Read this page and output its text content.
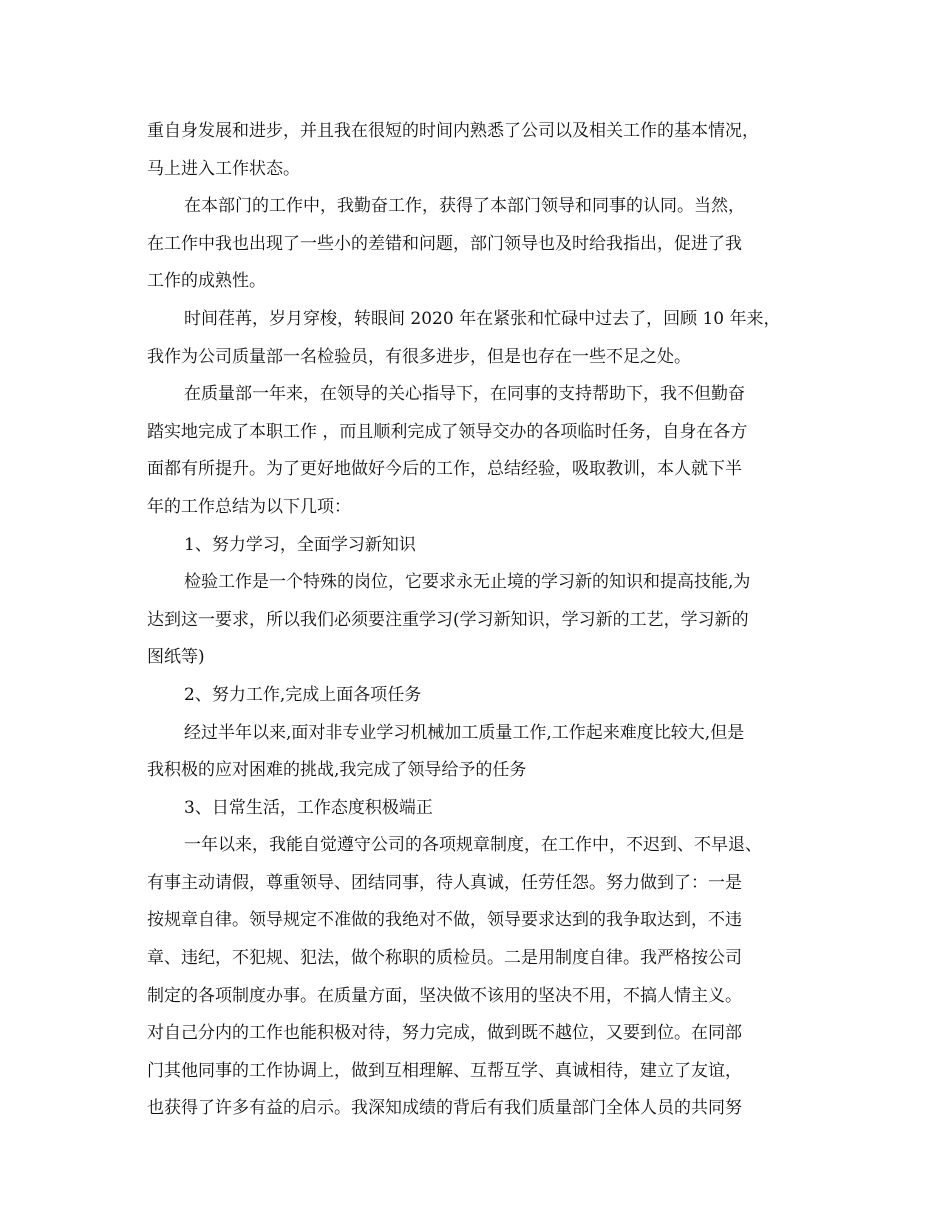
重自身发展和进步，并且我在很短的时间内熟悉了公司以及相关工作的基本情况，
马上进入工作状态。
在本部门的工作中，我勤奋工作，获得了本部门领导和同事的认同。当然，
在工作中我也出现了一些小的差错和问题，部门领导也及时给我指出，促进了我
工作的成熟性。
时间荏苒，岁月穿梭，转眼间 2020 年在紧张和忙碌中过去了，回顾 10 年来，
我作为公司质量部一名检验员，有很多进步，但是也存在一些不足之处。
在质量部一年来，在领导的关心指导下，在同事的支持帮助下，我不但勤奋
踏实地完成了本职工作 ，而且顺利完成了领导交办的各项临时任务，自身在各方
面都有所提升。为了更好地做好今后的工作，总结经验，吸取教训，本人就下半
年的工作总结为以下几项：
1、努力学习，全面学习新知识
检验工作是一个特殊的岗位，它要求永无止境的学习新的知识和提高技能,为
达到这一要求，所以我们必须要注重学习(学习新知识，学习新的工艺，学习新的
图纸等)
2、努力工作,完成上面各项任务
经过半年以来,面对非专业学习机械加工质量工作,工作起来难度比较大,但是
我积极的应对困难的挑战,我完成了领导给予的任务
3、日常生活，工作态度积极端正
一年以来，我能自觉遵守公司的各项规章制度，在工作中，不迟到、不早退、
有事主动请假，尊重领导、团结同事，待人真诚，任劳任怨。努力做到了：一是
按规章自律。领导规定不准做的我绝对不做，领导要求达到的我争取达到，不违
章、违纪，不犯规、犯法，做个称职的质检员。二是用制度自律。我严格按公司
制定的各项制度办事。在质量方面，坚决做不该用的坚决不用，不搞人情主义。
对自己分内的工作也能积极对待，努力完成，做到既不越位，又要到位。在同部
门其他同事的工作协调上，做到互相理解、互帮互学、真诚相待，建立了友谊，
也获得了许多有益的启示。我深知成绩的背后有我们质量部门全体人员的共同努
